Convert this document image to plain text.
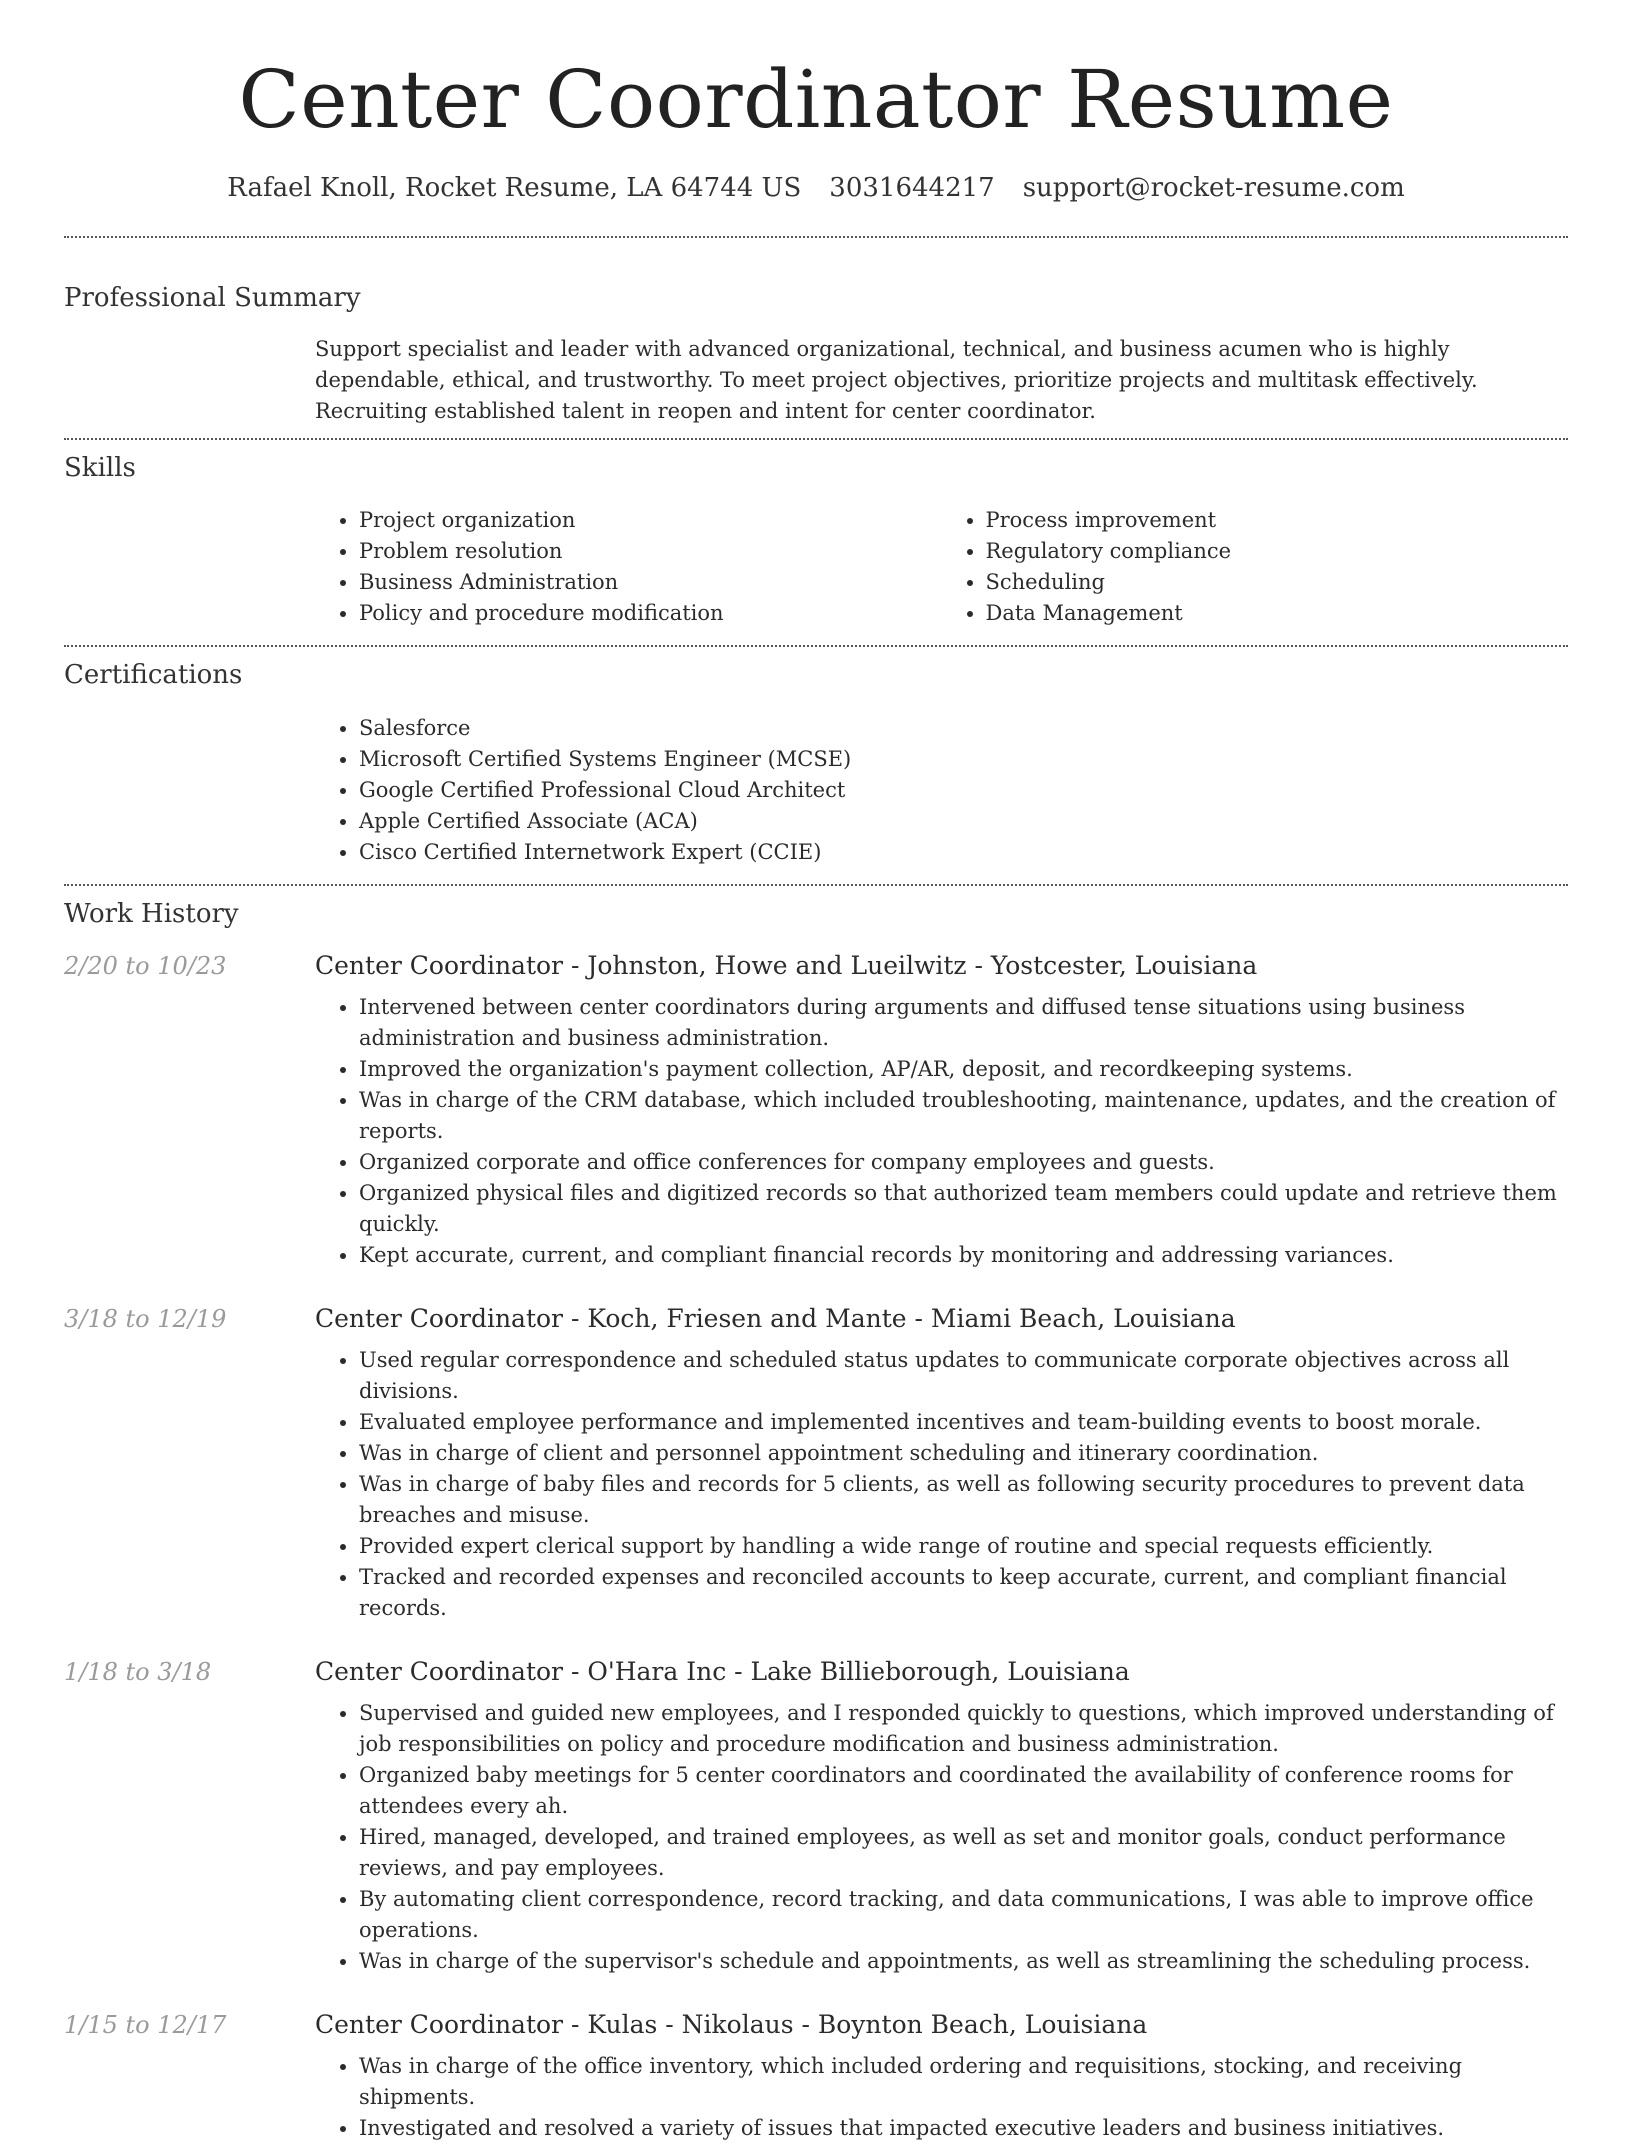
Center Coordinator Resume
Rafael Knoll, Rocket Resume, LA 64744 US 3031644217 support@rocket-resume.com
Professional Summary
Support specialist and leader with advanced organizational, technical, and business acumen who is highly dependable, ethical, and trustworthy. To meet project objectives, prioritize projects and multitask effectively. Recruiting established talent in reopen and intent for center coordinator.
Skills
• Project organization
• Problem resolution
• Business Administration
• Policy and procedure modification
• Process improvement
• Regulatory compliance
• Scheduling
• Data Management
Certifications
• Salesforce
• Microsoft Certified Systems Engineer (MCSE)
• Google Certified Professional Cloud Architect
• Apple Certified Associate (ACA)
• Cisco Certified Internetwork Expert (CCIE)
Work History
2/20 to 10/23	Center Coordinator - Johnston, Howe and Lueilwitz - Yostcester, Louisiana
• Intervened between center coordinators during arguments and diffused tense situations using business administration and business administration.
• Improved the organization's payment collection, AP/AR, deposit, and recordkeeping systems.
• Was in charge of the CRM database, which included troubleshooting, maintenance, updates, and the creation of reports.
• Organized corporate and office conferences for company employees and guests.
• Organized physical files and digitized records so that authorized team members could update and retrieve them quickly.
• Kept accurate, current, and compliant financial records by monitoring and addressing variances.
3/18 to 12/19	Center Coordinator - Koch, Friesen and Mante - Miami Beach, Louisiana
• Used regular correspondence and scheduled status updates to communicate corporate objectives across all divisions.
• Evaluated employee performance and implemented incentives and team-building events to boost morale.
• Was in charge of client and personnel appointment scheduling and itinerary coordination.
• Was in charge of baby files and records for 5 clients, as well as following security procedures to prevent data breaches and misuse.
• Provided expert clerical support by handling a wide range of routine and special requests efficiently.
• Tracked and recorded expenses and reconciled accounts to keep accurate, current, and compliant financial records.
1/18 to 3/18	Center Coordinator - O'Hara Inc - Lake Billieborough, Louisiana
• Supervised and guided new employees, and I responded quickly to questions, which improved understanding of job responsibilities on policy and procedure modification and business administration.
• Organized baby meetings for 5 center coordinators and coordinated the availability of conference rooms for attendees every ah.
• Hired, managed, developed, and trained employees, as well as set and monitor goals, conduct performance reviews, and pay employees.
• By automating client correspondence, record tracking, and data communications, I was able to improve office operations.
• Was in charge of the supervisor's schedule and appointments, as well as streamlining the scheduling process.
1/15 to 12/17	Center Coordinator - Kulas - Nikolaus - Boynton Beach, Louisiana
• Was in charge of the office inventory, which included ordering and requisitions, stocking, and receiving shipments.
• Investigated and resolved a variety of issues that impacted executive leaders and business initiatives.
